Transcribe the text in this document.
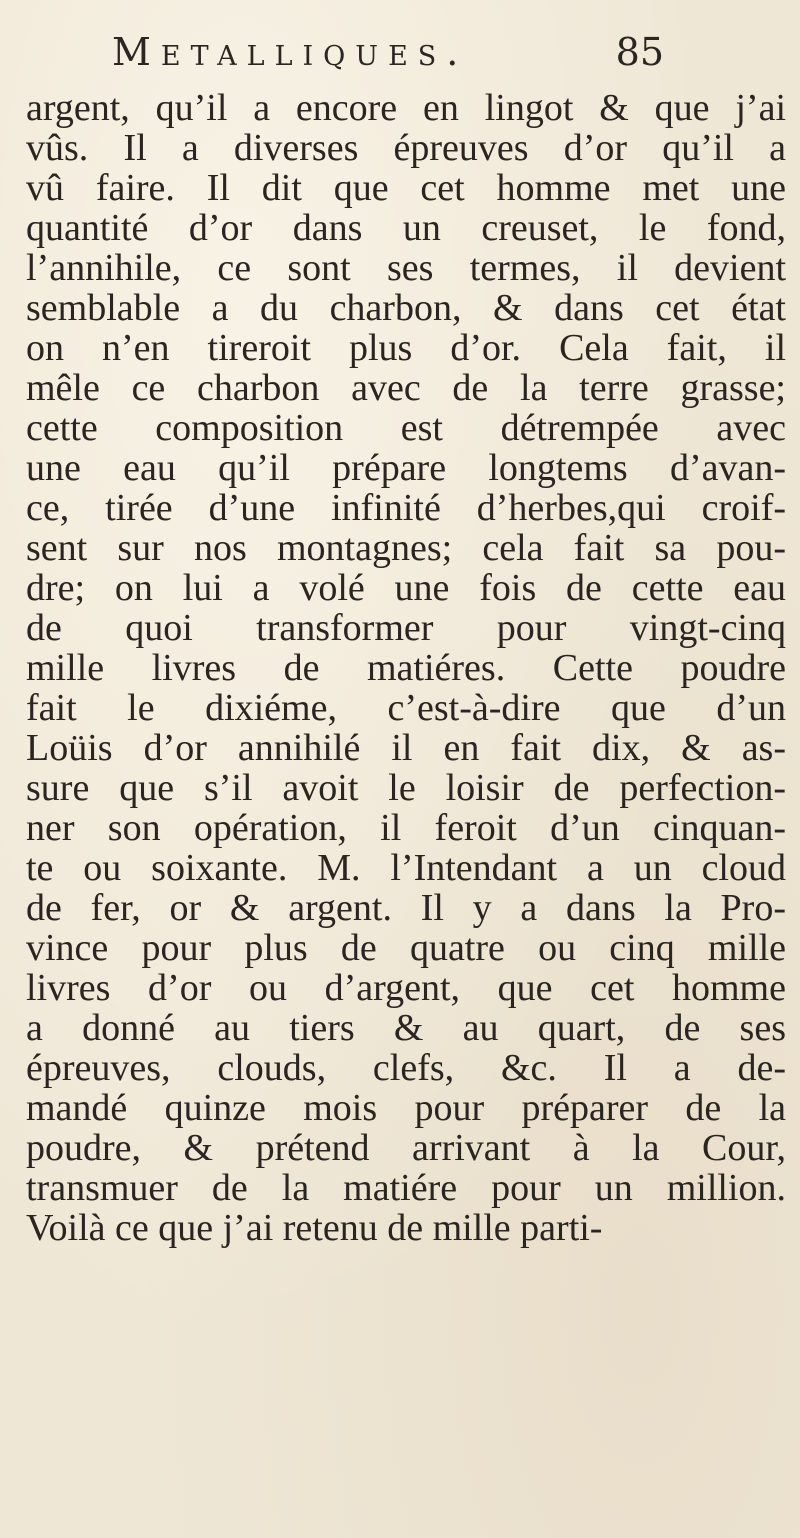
Metalliques.	85
argent, qu’il a encore en lingot & que j’ai
vûs. Il a diverses épreuves d’or qu’il a
vû faire. Il dit que cet homme met une
quantité d’or dans un creuset, le fond,
l’annihile, ce sont ses termes, il devient
semblable a du charbon, & dans cet état
on n’en tireroit plus d’or. Cela fait, il
mêle ce charbon avec de la terre grasse;
cette composition est détrempée avec
une eau qu’il prépare longtems d’avan-
ce, tirée d’une infinité d’herbes,qui croif-
sent sur nos montagnes; cela fait sa pou-
dre; on lui a volé une fois de cette eau
de quoi transformer pour vingt-cinq
mille livres de matiéres. Cette poudre
fait le dixiéme, c’est-à-dire que d’un
Loüis d’or annihilé il en fait dix, & as-
sure que s’il avoit le loisir de perfection-
ner son opération, il feroit d’un cinquan-
te ou soixante. M. l’Intendant a un cloud
de fer, or & argent. Il y a dans la Pro-
vince pour plus de quatre ou cinq mille
livres d’or ou d’argent, que cet homme
a donné au tiers & au quart, de ses
épreuves, clouds, clefs, &c. Il a de-
mandé quinze mois pour préparer de la
poudre, & prétend arrivant à la Cour,
transmuer de la matiére pour un million.
Voilà ce que j’ai retenu de mille parti-
